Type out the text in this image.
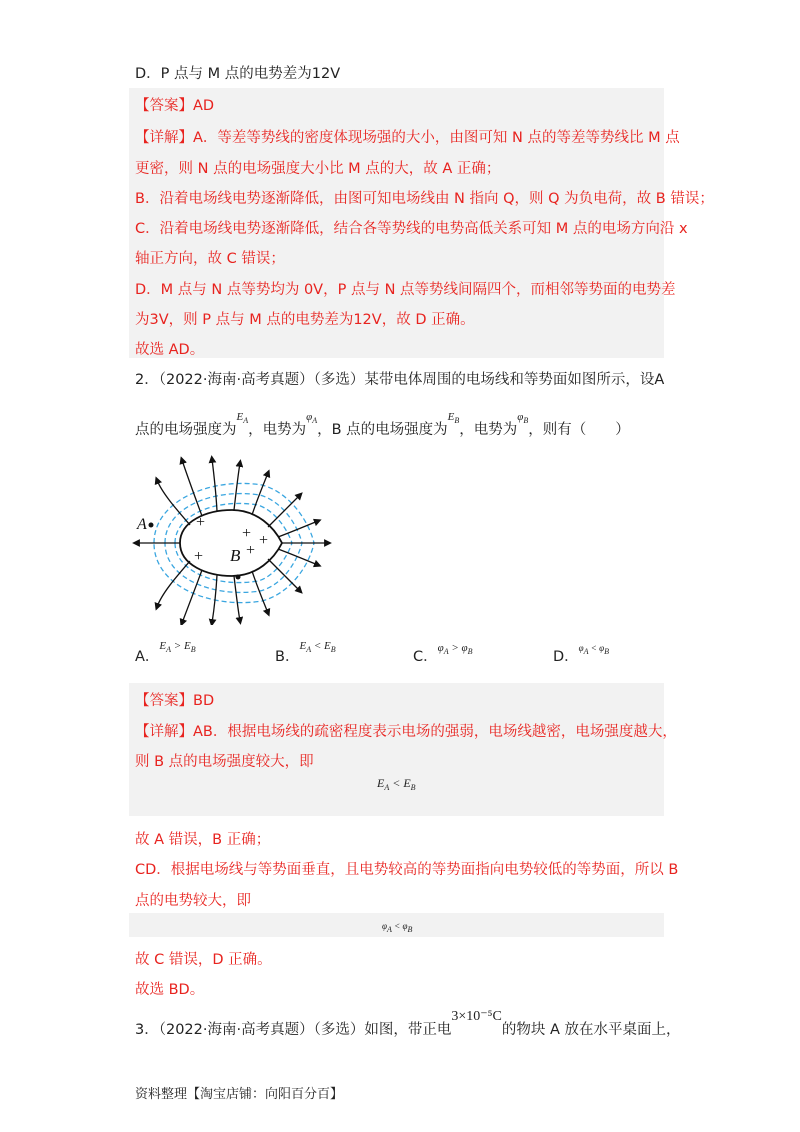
D．P 点与 M 点的电势差为12V
【答案】AD
【详解】A．等差等势线的密度体现场强的大小，由图可知 N 点的等差等势线比 M 点
更密，则 N 点的电场强度大小比 M 点的大，故 A 正确；
B．沿着电场线电势逐渐降低，由图可知电场线由 N 指向 Q，则 Q 为负电荷，故 B 错误；
C．沿着电场线电势逐渐降低，结合各等势线的电势高低关系可知 M 点的电场方向沿 x
轴正方向，故 C 错误；
D．M 点与 N 点等势均为 0V，P 点与 N 点等势线间隔四个，而相邻等势面的电势差
为3V，则 P 点与 M 点的电势差为12V，故 D 正确。
故选 AD。
2．（2022·海南·高考真题）（多选）某带电体周围的电场线和等势面如图所示，设A
点的电场强度为$^{E_A}$，电势为$^{\varphi_A}$，B 点的电场强度为$^{E_B}$，电势为$^{\varphi_B}$，则有（　　）
+
+
+	+
+
A
B
A．$^{E_A > E_B}$	B．$^{E_A < E_B}$	C．$^{\varphi_A > \varphi_B}$	D．$^{\varphi A < \varphi B}$
【答案】BD
【详解】AB．根据电场线的疏密程度表示电场的强弱，电场线越密，电场强度越大，
则 B 点的电场强度较大，即
$E_A < E_B$
故 A 错误，B 正确；
CD．根据电场线与等势面垂直，且电势较高的等势面指向电势较低的等势面，所以 B
点的电势较大，即
φA < φB
故 C 错误，D 正确。
故选 BD。
3．（2022·海南·高考真题）（多选）如图，带正电3×10⁻⁵C的物块 A 放在水平桌面上，
资料整理【淘宝店铺：向阳百分百】
